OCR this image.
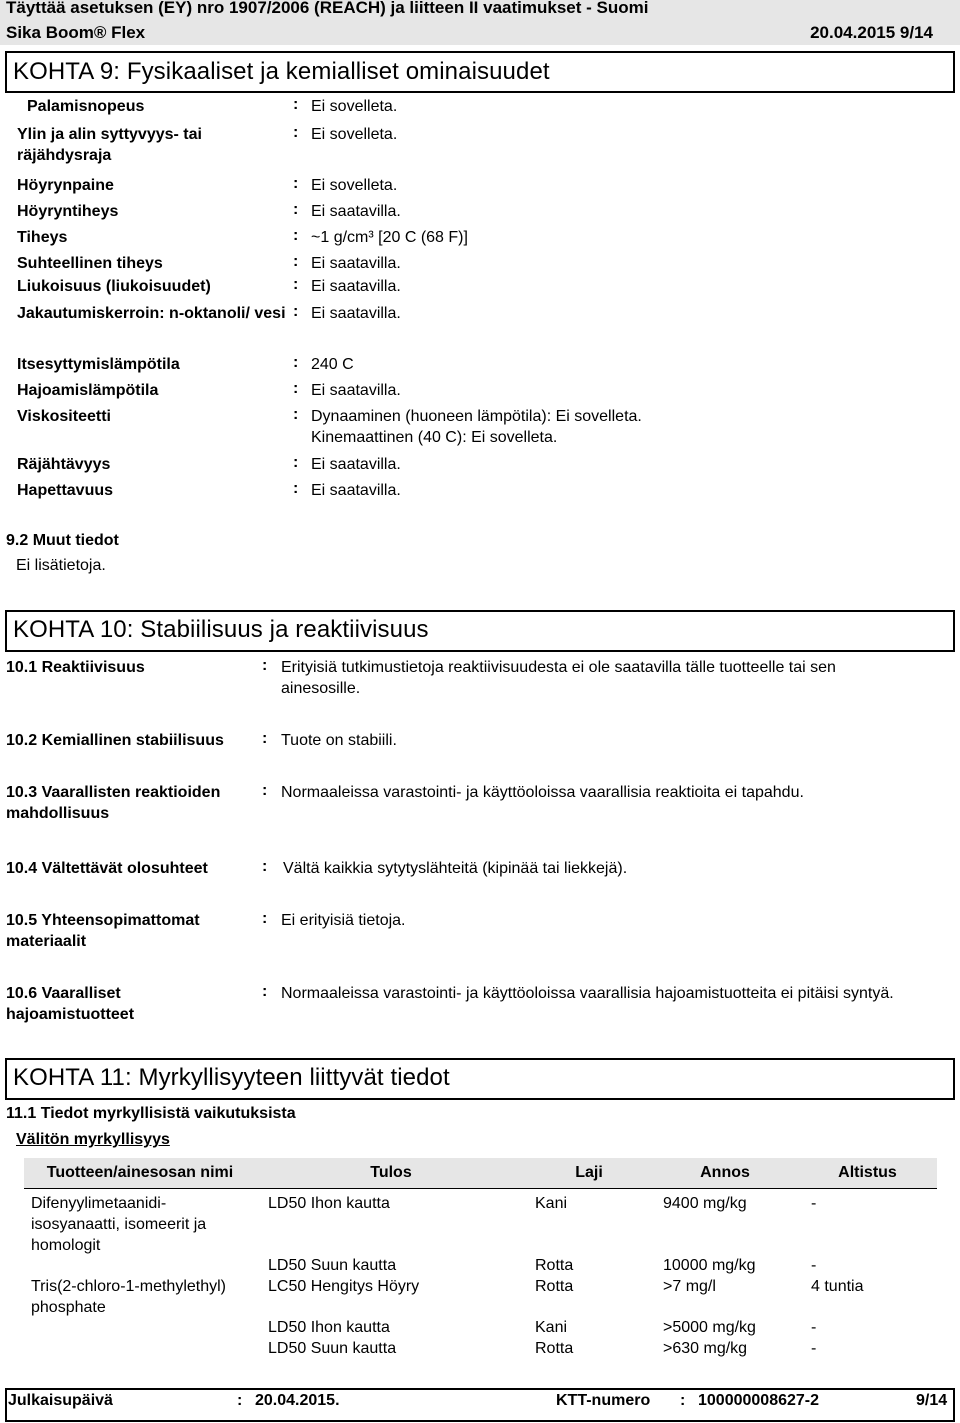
Täyttää asetuksen (EY) nro 1907/2006 (REACH) ja liitteen II vaatimukset - Suomi
Sika Boom® Flex	20.04.2015 9/14
KOHTA 9: Fysikaaliset ja kemialliset ominaisuudet
Palamisnopeus	: Ei sovelleta.
Ylin ja alin syttyvyys- tai räjähdysraja
: Ei sovelleta.
Höyrynpaine	: Ei sovelleta.
Höyryntiheys	: Ei saatavilla.
Tiheys	: ~1 g/cm³ [20 C (68 F)]
Suhteellinen tiheys	: Ei saatavilla.
Liukoisuus (liukoisuudet)	: Ei saatavilla.
Jakautumiskerroin: n-oktanoli/ vesi : Ei saatavilla.
Itsesyttymislämpötila	: 240 C
Hajoamislämpötila	: Ei saatavilla.
Viskositeetti	: Dynaaminen (huoneen lämpötila): Ei sovelleta.
Kinemaattinen (40 C): Ei sovelleta.
Räjähtävyys	: Ei saatavilla.
Hapettavuus	: Ei saatavilla.
9.2 Muut tiedot
Ei lisätietoja.
KOHTA 10: Stabiilisuus ja reaktiivisuus
10.1 Reaktiivisuus	: Erityisiä tutkimustietoja reaktiivisuudesta ei ole saatavilla tälle tuotteelle tai sen
ainesosille.
10.2 Kemiallinen stabiilisuus : Tuote on stabiili.
10.3 Vaarallisten reaktioiden
mahdollisuus
: Normaaleissa varastointi- ja käyttöoloissa vaarallisia reaktioita ei tapahdu.
10.4 Vältettävät olosuhteet	: Vältä kaikkia sytytyslähteitä (kipinää tai liekkejä).
10.5 Yhteensopimattomat
materiaalit
: Ei erityisiä tietoja.
10.6 Vaaralliset
hajoamistuotteet
: Normaaleissa varastointi- ja käyttöoloissa vaarallisia hajoamistuotteita ei pitäisi syntyä.
KOHTA 11: Myrkyllisyyteen liittyvät tiedot
11.1 Tiedot myrkyllisistä vaikutuksista
Välitön myrkyllisyys
Tuotteen/ainesosan nimi	Tulos	Laji	Annos	Altistus
Difenyylimetaanidi-
isosyanaatti, isomeerit ja
homologit
LD50 Ihon kautta	Kani	9400 mg/kg	-
LD50 Suun kautta	Rotta	10000 mg/kg	-
Tris(2-chloro-1-methylethyl)
phosphate
LC50 Hengitys Höyry	Rotta	>7 mg/l	4 tuntia
LD50 Ihon kautta	Kani	>5000 mg/kg	-
LD50 Suun kautta	Rotta	>630 mg/kg	-
Julkaisupäivä	: 20.04.2015.	KTT-numero : 100000008627-2	9/14
